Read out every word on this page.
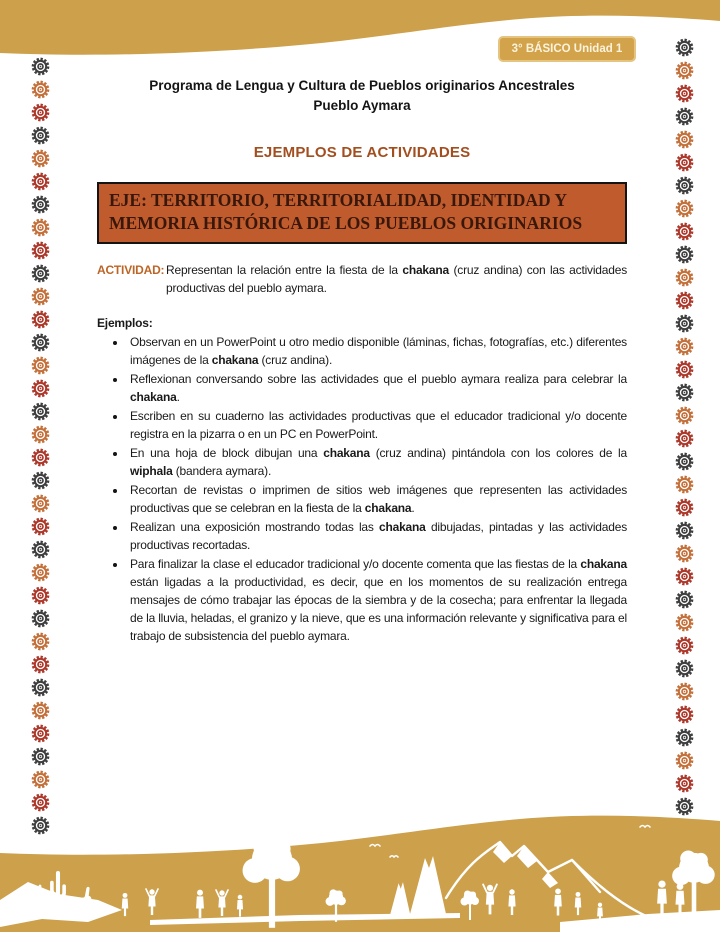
3° BÁSICO Unidad 1
Programa de Lengua y Cultura de Pueblos originarios Ancestrales
Pueblo Aymara
EJEMPLOS DE ACTIVIDADES
EJE: TERRITORIO, TERRITORIALIDAD, IDENTIDAD Y MEMORIA HISTÓRICA DE LOS PUEBLOS ORIGINARIOS
ACTIVIDAD: Representan la relación entre la fiesta de la chakana (cruz andina) con las actividades productivas del pueblo aymara.
Ejemplos:
• Observan en un PowerPoint u otro medio disponible (láminas, fichas, fotografías, etc.) diferentes imágenes de la chakana (cruz andina).
• Reflexionan conversando sobre las actividades que el pueblo aymara realiza para celebrar la chakana.
• Escriben en su cuaderno las actividades productivas que el educador tradicional y/o docente registra en la pizarra o en un PC en PowerPoint.
• En una hoja de block dibujan una chakana (cruz andina) pintándola con los colores de la wiphala (bandera aymara).
• Recortan de revistas o imprimen de sitios web imágenes que representen las actividades productivas que se celebran en la fiesta de la chakana.
• Realizan una exposición mostrando todas las chakana dibujadas, pintadas y las actividades productivas recortadas.
• Para finalizar la clase el educador tradicional y/o docente comenta que las fiestas de la chakana están ligadas a la productividad, es decir, que en los momentos de su realización entrega mensajes de cómo trabajar las épocas de la siembra y de la cosecha; para enfrentar la llegada de la lluvia, heladas, el granizo y la nieve, que es una información relevante y significativa para el trabajo de subsistencia del pueblo aymara.
